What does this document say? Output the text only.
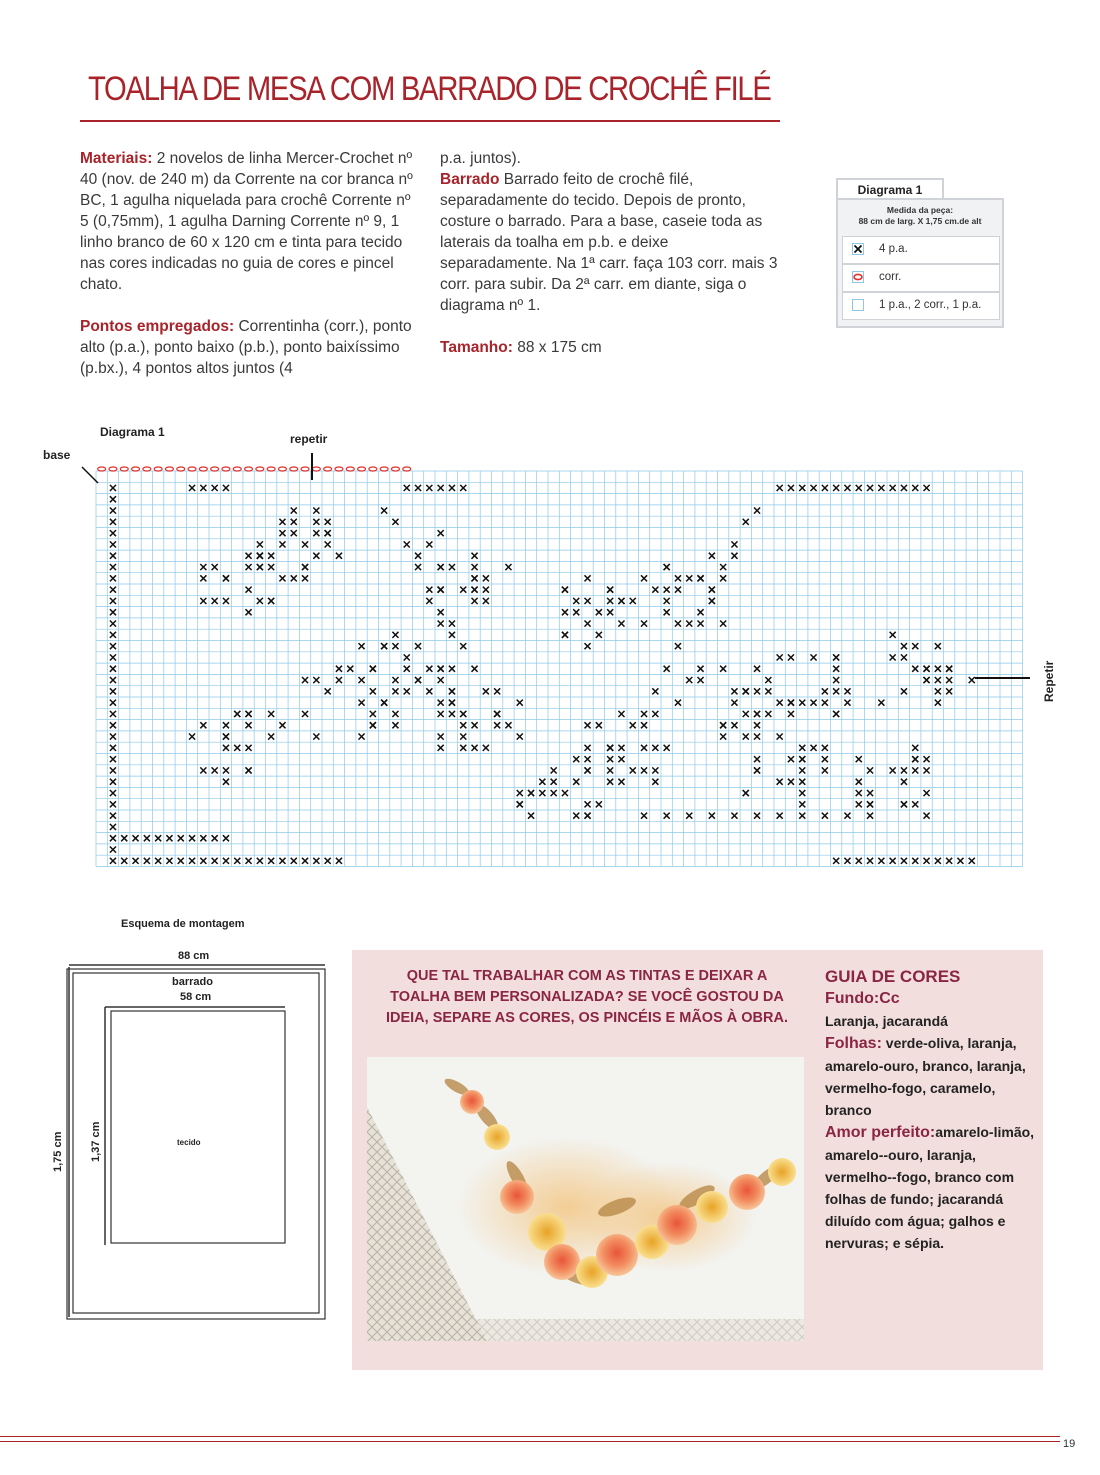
TOALHA DE MESA COM BARRADO DE CROCHÊ FILÉ

Materiais: 2 novelos de linha Mercer-Crochet nº 40 (nov. de 240 m) da Corrente na cor branca nº BC, 1 agulha niquelada para crochê Corrente nº 5 (0,75mm), 1 agulha Darning Corrente nº 9, 1 linho branco de 60 x 120 cm e tinta para tecido nas cores indicadas no guia de cores e pincel chato.

Pontos empregados: Correntinha (corr.), ponto alto (p.a.), ponto baixo (p.b.), ponto baixíssimo (p.bx.), 4 pontos altos juntos (4

p.a. juntos).

Barrado Barrado feito de crochê filé, separadamente do tecido. Depois de pronto, costure o barrado. Para a base, caseie toda as laterais da toalha em p.b. e deixe separadamente. Na 1ª carr. faça 103 corr. mais 3 corr. para subir. Da 2ª carr. em diante, siga o diagrama nº 1.

Tamanho: 88 x 175 cm

Diagrama 1
Medida da peça:
88 cm de larg. X 1,75 cm.de alt
4 p.a.
corr.
1 p.a., 2 corr., 1 p.a.
Diagrama 1
base
repetir
Repetir
Esquema de montagem
88 cm
barrado
58 cm
1,75 cm 1,37 cm	tecido
QUE TAL TRABALHAR COM AS TINTAS E DEIXAR A TOALHA BEM PERSONALIZADA? SE VOCÊ GOSTOU DA IDEIA, SEPARE AS CORES, OS PINCÉIS E MÃOS À OBRA.

GUIA DE CORES

Fundo:Cc

Laranja, jacarandá

Folhas: verde-oliva, laranja, amarelo-ouro, branco, laranja, vermelho-fogo, caramelo, branco

Amor perfeito:amarelo-limão, amarelo--ouro, laranja, vermelho--fogo, branco com folhas de fundo; jacarandá diluído com água; galhos e nervuras; e sépia.

19
